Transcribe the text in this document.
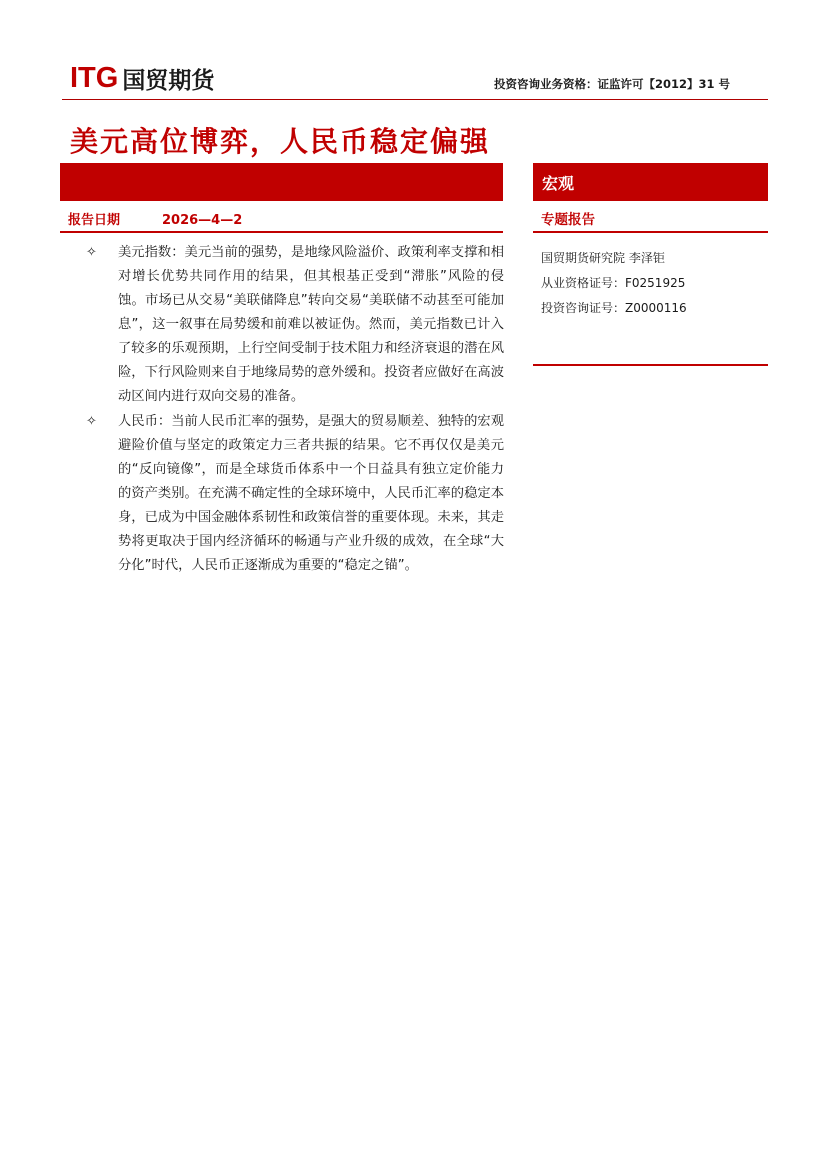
ITG 国贸期货	投资咨询业务资格：证监许可【2012】31 号
美元高位博弈，人民币稳定偏强
宏观
报告日期	2026—4—2	专题报告
国贸期货研究院 李泽钜
从业资格证号：F0251925
投资咨询证号：Z0000116
✧ 美元指数：美元当前的强势，是地缘风险溢价、政策利率支撑和相对增长优势共同作用的结果，但其根基正受到“滞胀”风险的侵蚀。市场已从交易“美联储降息”转向交易“美联储不动甚至可能加息”，这一叙事在局势缓和前难以被证伪。然而，美元指数已计入了较多的乐观预期，上行空间受制于技术阻力和经济衰退的潜在风险，下行风险则来自于地缘局势的意外缓和。投资者应做好在高波动区间内进行双向交易的准备。
✧ 人民币：当前人民币汇率的强势，是强大的贸易顺差、独特的宏观避险价值与坚定的政策定力三者共振的结果。它不再仅仅是美元的“反向镜像”，而是全球货币体系中一个日益具有独立定价能力的资产类别。在充满不确定性的全球环境中，人民币汇率的稳定本身，已成为中国金融体系韧性和政策信誉的重要体现。未来，其走势将更取决于国内经济循环的畅通与产业升级的成效，在全球“大分化”时代，人民币正逐渐成为重要的“稳定之锚”。
